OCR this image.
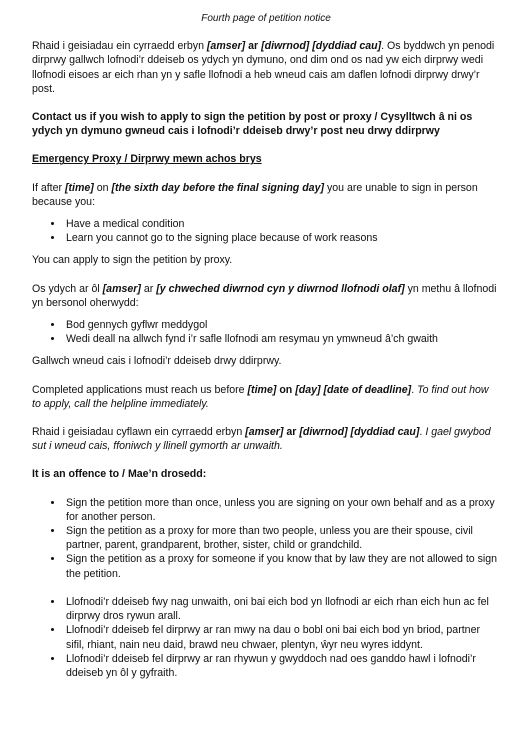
Fourth page of petition notice

Rhaid i geisiadau ein cyrraedd erbyn [amser] ar [diwrnod] [dyddiad cau]. Os byddwch yn penodi dirprwy gallwch lofnodi’r ddeiseb os ydych yn dymuno, ond dim ond os nad yw eich dirprwy wedi llofnodi eisoes ar eich rhan yn y safle llofnodi a heb wneud cais am daflen lofnodi dirprwy drwy’r post.

Contact us if you wish to apply to sign the petition by post or proxy / Cysylltwch â ni os ydych yn dymuno gwneud cais i lofnodi’r ddeiseb drwy’r post neu drwy ddirprwy

Emergency Proxy / Dirprwy mewn achos brys

If after [time] on [the sixth day before the final signing day] you are unable to sign in person because you:

• Have a medical condition
• Learn you cannot go to the signing place because of work reasons

You can apply to sign the petition by proxy.

Os ydych ar ôl [amser] ar [y chweched diwrnod cyn y diwrnod llofnodi olaf] yn methu â llofnodi yn bersonol oherwydd:

• Bod gennych gyflwr meddygol
• Wedi deall na allwch fynd i’r safle llofnodi am resymau yn ymwneud â’ch gwaith

Gallwch wneud cais i lofnodi’r ddeiseb drwy ddirprwy.

Completed applications must reach us before [time] on [day] [date of deadline]. To find out how to apply, call the helpline immediately.

Rhaid i geisiadau cyflawn ein cyrraedd erbyn [amser] ar [diwrnod] [dyddiad cau]. I gael gwybod sut i wneud cais, ffoniwch y llinell gymorth ar unwaith.

It is an offence to / Mae’n drosedd:

• Sign the petition more than once, unless you are signing on your own behalf and as a proxy for another person.
• Sign the petition as a proxy for more than two people, unless you are their spouse, civil partner, parent, grandparent, brother, sister, child or grandchild.
• Sign the petition as a proxy for someone if you know that by law they are not allowed to sign the petition.
• Llofnodi’r ddeiseb fwy nag unwaith, oni bai eich bod yn llofnodi ar eich rhan eich hun ac fel dirprwy dros rywun arall.
• Llofnodi’r ddeiseb fel dirprwy ar ran mwy na dau o bobl oni bai eich bod yn briod, partner sifil, rhiant, nain neu daid, brawd neu chwaer, plentyn, ŵyr neu wyres iddynt.
• Llofnodi’r ddeiseb fel dirprwy ar ran rhywun y gwyddoch nad oes ganddo hawl i lofnodi’r ddeiseb yn ôl y gyfraith.
